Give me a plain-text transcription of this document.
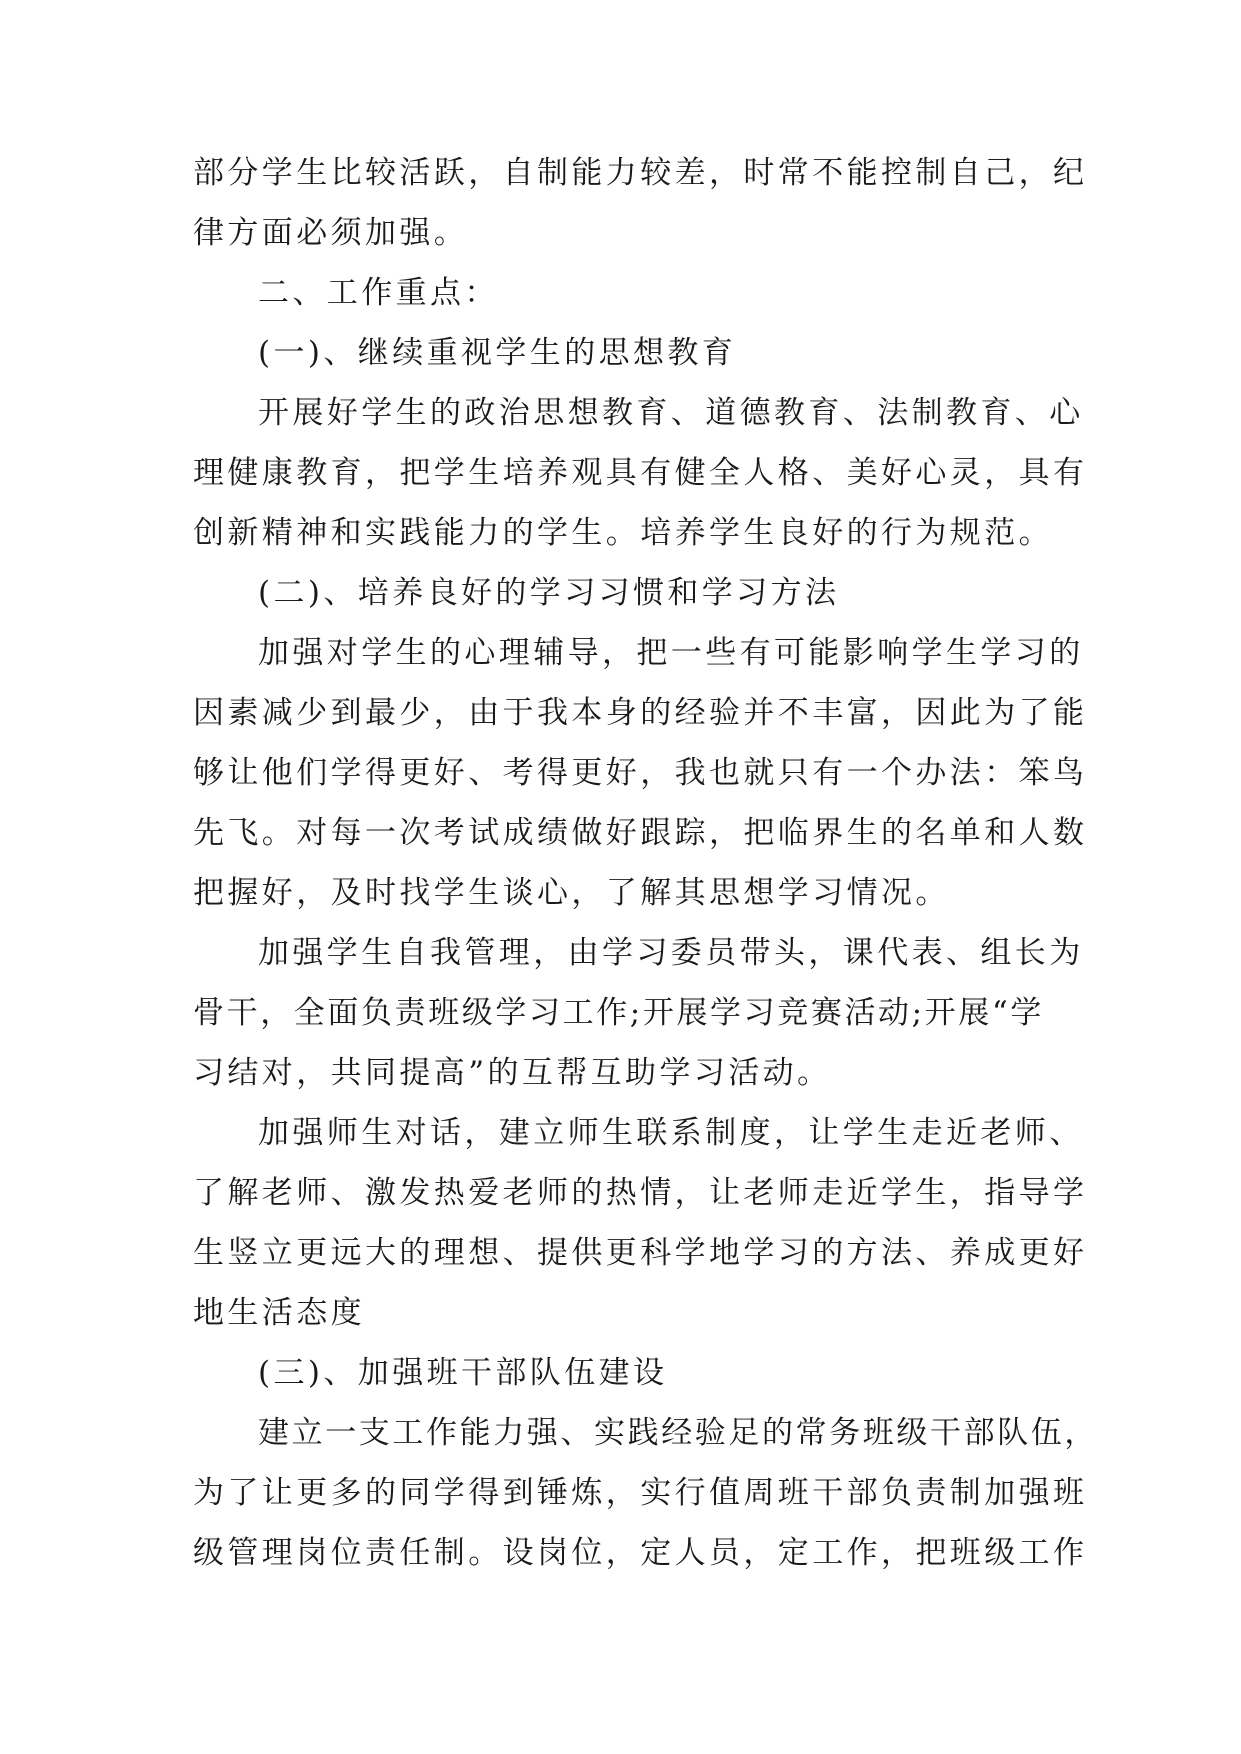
部分学生比较活跃，自制能力较差，时常不能控制自己，纪

律方面必须加强。

二、工作重点：

(一)、继续重视学生的思想教育

开展好学生的政治思想教育、道德教育、法制教育、心

理健康教育，把学生培养观具有健全人格、美好心灵，具有

创新精神和实践能力的学生。培养学生良好的行为规范。

(二)、培养良好的学习习惯和学习方法

加强对学生的心理辅导，把一些有可能影响学生学习的

因素减少到最少，由于我本身的经验并不丰富，因此为了能

够让他们学得更好、考得更好，我也就只有一个办法：笨鸟

先飞。对每一次考试成绩做好跟踪，把临界生的名单和人数

把握好，及时找学生谈心，了解其思想学习情况。

加强学生自我管理，由学习委员带头，课代表、组长为

骨干，全面负责班级学习工作;开展学习竞赛活动;开展“学

习结对，共同提高”的互帮互助学习活动。

加强师生对话，建立师生联系制度，让学生走近老师、

了解老师、激发热爱老师的热情，让老师走近学生，指导学

生竖立更远大的理想、提供更科学地学习的方法、养成更好

地生活态度

(三)、加强班干部队伍建设

建立一支工作能力强、实践经验足的常务班级干部队伍，

为了让更多的同学得到锤炼，实行值周班干部负责制加强班

级管理岗位责任制。设岗位，定人员，定工作，把班级工作
